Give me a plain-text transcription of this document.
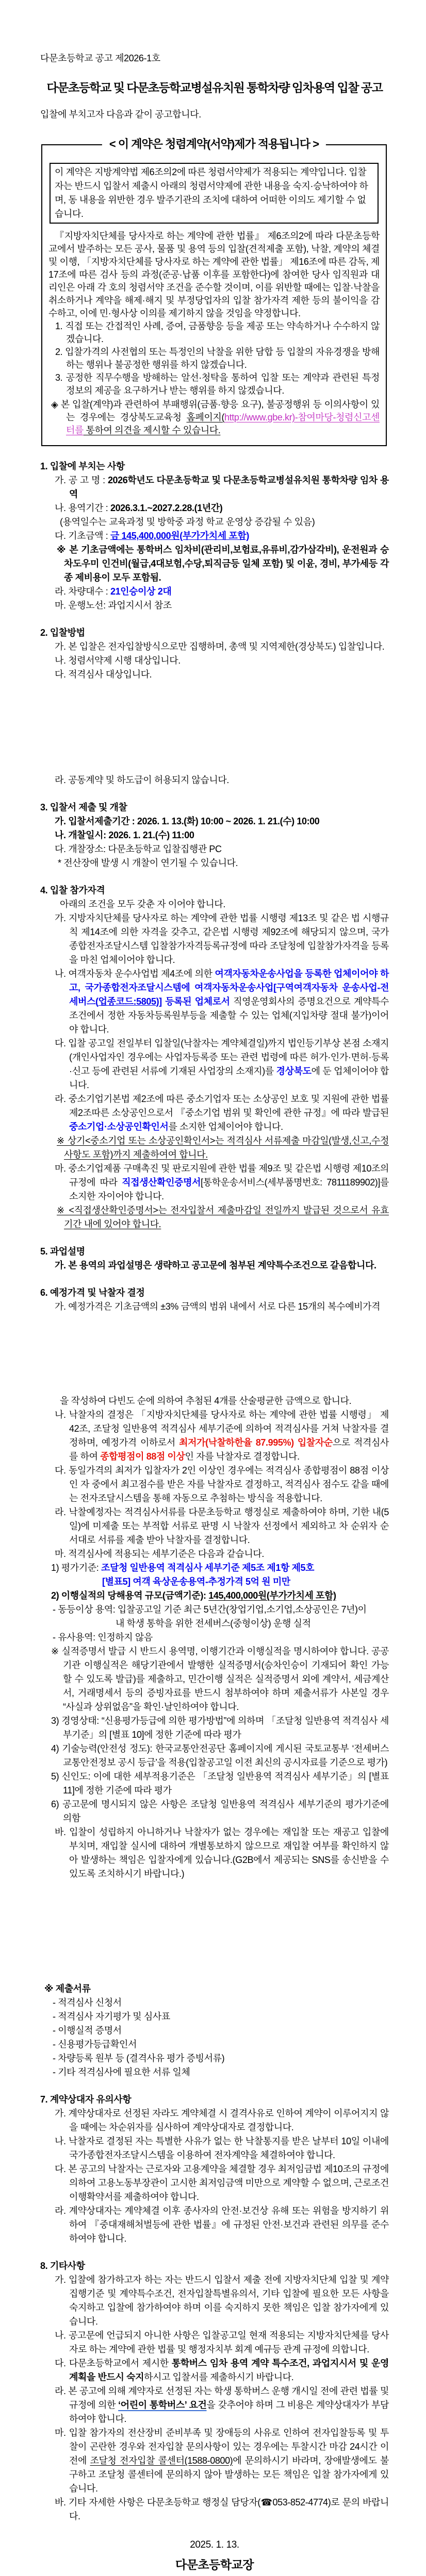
다문초등학교 공고 제2026-1호
다문초등학교 및 다문초등학교병설유치원 통학차량 임차용역 입찰 공고
입찰에 부치고자 다음과 같이 공고합니다.
< 이 계약은 청렴계약(서약)제가 적용됩니다 >
이 계약은 지방계약법 제6조의2에 따른 청렴서약제가 적용되는 계약입니다. 입찰자는 반드시 입찰서 제출시 아래의 청렴서약제에 관한 내용을 숙지·승낙하여야 하며, 동 내용을 위반한 경우 발주기관의 조치에 대하여 어떠한 이의도 제기할 수 없습니다.
『지방자치단체를 당사자로 하는 계약에 관한 법률』 제6조의2에 따라 다문초등학교에서 발주하는 모든 공사, 물품 및 용역 등의 입찰(견적제출 포함), 낙찰, 계약의 체결 및 이행, 「지방자치단체를 당사자로 하는 계약에 관한 법률」 제16조에 따른 감독, 제17조에 따른 검사 등의 과정(준공·납품 이후를 포함한다)에 참여한 당사 임직원과 대리인은 아래 각 호의 청렴서약 조건을 준수할 것이며, 이를 위반할 때에는 입찰·낙찰을 취소하거나 계약을 해제·해지 및 부정당업자의 입찰 참가자격 제한 등의 불이익을 감수하고, 이에 민·형사상 이의를 제기하지 않을 것임을 약정합니다.
1. 직접 또는 간접적인 사례, 증여, 금품향응 등을 제공 또는 약속하거나 수수하지 않겠습니다.
2. 입찰가격의 사전협의 또는 특정인의 낙찰을 위한 담합 등 입찰의 자유경쟁을 방해하는 행위나 불공정한 행위를 하지 않겠습니다.
3. 공정한 직무수행을 방해하는 알선·청탁을 통하여 입찰 또는 계약과 관련된 특정 정보의 제공을 요구하거나 받는 행위를 하지 않겠습니다.
◈ 본 입찰(계약)과 관련하여 부패행위(금품·향응 요구), 불공정행위 등 이의사항이 있는 경우에는 경상북도교육청 홈페이지(http://www.gbe.kr)-참여마당-청렴신고센터를 통하여 의견을 제시할 수 있습니다.
1. 입찰에 부치는 사항
가. 공 고 명 : 2026학년도 다문초등학교 및 다문초등학교병설유치원 통학차량 임차 용역
나. 용역기간 : 2026.3.1.~2027.2.28.(1년간)
(용역일수는 교육과정 및 방학중 과정 학교 운영상 증감될 수 있음)
다. 기초금액 : 금 145,400,000원(부가가치세 포함)
※ 본 기초금액에는 통학버스 임차비(관리비,보험료,유류비,감가삼각비), 운전원과 승차도우미 인건비(월급,4대보험,수당,퇴직금등 일체 포함) 및 이윤, 경비, 부가세등 각종 제비용이 모두 포함됨.
라. 차량대수 : 21인승이상 2대
마. 운행노선: 과업지시서 참조
2. 입찰방법
가. 본 입찰은 전자입찰방식으로만 집행하며, 총액 및 지역제한(경상북도) 입찰입니다.
나. 청렴서약제 시행 대상입니다.
다. 적격심사 대상입니다.
라. 공동계약 및 하도급이 허용되지 않습니다.
3. 입찰서 제출 및 개찰
가. 입찰서제출기간 : 2026. 1. 13.(화) 10:00 ~ 2026. 1. 21.(수) 10:00
나. 개찰일시: 2026. 1. 21.(수) 11:00
다. 개찰장소: 다문초등학교 입찰집행관 PC
* 전산장애 발생 시 개찰이 연기될 수 있습니다.
4. 입찰 참가자격
아래의 조건을 모두 갖춘 자 이어야 합니다.
가. 지방자치단체를 당사자로 하는 계약에 관한 법률 시행령 제13조 및 같은 법 시행규칙 제14조에 의한 자격을 갖추고, 같은법 시행령 제92조에 해당되지 않으며, 국가종합전자조달시스템 입찰참가자격등록규정에 따라 조달청에 입찰참가자격을 등록을 마친 업체이어야 합니다.
나. 여객자동차 운수사업법 제4조에 의한 여객자동차운송사업을 등록한 업체이어야 하고, 국가종합전자조달시스템에 여객자동차운송사업[구역여객자동차 운송사업-전세버스(업종코드:5805)] 등록된 업체로서 직영운영회사의 증명요건으로 계약특수조건에서 정한 자동차등록원부등을 제출할 수 있는 업체(지입차량 절대 불가)이어야 합니다.
다. 입찰 공고일 전일부터 입찰일(낙찰자는 계약체결일)까지 법인등기부상 본점 소재지(개인사업자인 경우에는 사업자등록증 또는 관련 법령에 따른 허가·인가·면허·등록·신고 등에 관련된 서류에 기재된 사업장의 소재지)를 경상북도에 둔 업체이어야 합니다.
라. 중소기업기본법 제2조에 따른 중소기업자 또는 소상공인 보호 및 지원에 관한 법률 제2조따른 소상공인으로서 『중소기업 범위 및 확인에 관한 규정』에 따라 발급된 중소기업·소상공인확인서를 소지한 업체이어야 합니다.
※ 상기<중소기업 또는 소상공인확인서>는 적격심사 서류제출 마감일(발생,신고,수정사항도 포함)까지 제출하여여 합니다.
마. 중소기업제품 구매촉진 및 판로지원에 관한 법률 제9조 및 같은법 시행령 제10조의 규정에 따라 직접생산확인증명서[통학운송서비스(세부품명번호: 7811189902)]를 소지한 자이어야 합니다.
※ <직접생산확인증명서>는 전자입찰서 제출마감일 전일까지 발급된 것으로서 유효기간 내에 있어야 합니다.
5. 과업설명
가. 본 용역의 과업설명은 생략하고 공고문에 첨부된 계약특수조건으로 갈음합니다.
6. 예정가격 및 낙찰자 결정
가. 예정가격은 기초금액의 ±3% 금액의 범위 내에서 서로 다른 15개의 복수예비가격
을 작성하여 다빈도 순에 의하여 추첨된 4개를 산술평균한 금액으로 합니다.
나. 낙찰자의 결정은 「지방자치단체를 당사자로 하는 계약에 관한 법률 시행령」 제42조, 조달청 일반용역 적격심사 세부기준에 의하여 적격심사를 거쳐 낙찰자를 결정하며, 예정가격 이하로서 최저가(낙찰하한율 87.995%) 입찰자순으로 적격심사를 하여 종합평점이 88점 이상인 자를 낙찰자로 결정합니다.
다. 동일가격의 최저가 입찰자가 2인 이상인 경우에는 적격심사 종합평점이 88점 이상인 자 중에서 최고점수를 받은 자를 낙찰자로 결정하고, 적격심사 점수도 같을 때에는 전자조달시스템을 통해 자동으로 추첨하는 방식을 적용합니다.
라. 낙찰예정자는 적격심사서류를 다문초등학교 행정실로 제출하여야 하며, 기한 내(5일)에 미제출 또는 부적합 서류로 판명 시 낙찰자 선정에서 제외하고 차 순위자 순서대로 서류를 제출 받아 낙찰자를 결정합니다.
마. 적격심사에 적용되는 세부기준은 다음과 같습니다.
1) 평가기준: 조달청 일반용역 적격심사 세부기준 제5조 제1항 제5호
[별표5] 여객 육상운송용역-추정가격 5억 원 미만
2) 이행실적의 당해용역 규모(금액기준): 145,400,000원(부가가치세 포함)
- 동등이상 용역: 입찰공고일 기준 최근 5년간(창업기업,소기업,소상공인은 7년)이
내 학생 통학을 위한 전세버스(중형이상) 운행 실적
- 유사용역: 인정하지 않음
※ 실적증명서 발급 시 반드시 용역명, 이행기간과 이행실적을 명시하여야 합니다. 공공기관 이행실적은 해당기관에서 발행한 실적증명서(승차인승이 기재되어 확인 가능할 수 있도록 발급)를 제출하고, 민간이행 실적은 실적증명서 외에 계약서, 세금계산서, 거래명세서 등의 증빙자료를 반드시 첨부하여야 하며 제출서류가 사본일 경우 “사실과 상위없음”을 확인·날인하여야 합니다.
3) 경영상태: “신용평가등급에 의한 평가방법”에 의하며 「조달청 일반용역 적격심사 세부기준」의 [별표 10]에 정한 기준에 따라 평가
4) 기술능력(안전성 정도): 한국교통안전공단 홈페이지에 게시된 국토교통부 ‘전세버스 교통안전정보 공시 등급’을 적용(입찰공고일 이전 최신의 공시자료를 기준으로 평가)
5) 신인도: 이에 대한 세부적용기준은 「조달청 일반용역 적격심사 세부기준」의 [별표 11]에 정한 기준에 따라 평가
6) 공고문에 명시되지 않은 사항은 조달청 일반용역 적격심사 세부기준의 평가기준에 의함
바. 입찰이 성립하지 아니하거나 낙찰자가 없는 경우에는 재입찰 또는 재공고 입찰에 부치며, 재입찰 실시에 대하여 개별통보하지 않으므로 재입찰 여부를 확인하지 않아 발생하는 책임은 입찰자에게 있습니다.(G2B에서 제공되는 SNS를 송신받을 수 있도록 조치하시기 바랍니다.)
※ 제출서류
- 적격심사 신청서
- 적격심사 자기평가 및 심사표
- 이행실적 증명서
- 신용평가등급확인서
- 차량등록 원부 등 (결격사유 평가 증빙서류)
- 기타 적격심사에 필요한 서류 일체
7. 계약상대자 유의사항
가. 계약상대자로 선정된 자라도 계약체결 시 결격사유로 인하여 계약이 이루어지지 않을 때에는 차순위자를 심사하여 계약상대자로 결정합니다.
나. 낙찰자로 결정된 자는 특별한 사유가 없는 한 낙찰통지를 받은 날부터 10일 이내에 국가종합전자조달시스템을 이용하여 전자계약을 체결하여야 합니다.
다. 본 공고의 낙찰자는 근로자와 고용계약을 체결할 경우 최저임금법 제10조의 규정에 의하여 고용노동부장관이 고시한 최저임금액 미만으로 계약할 수 없으며, 근로조건이행확약서를 제출하여야 합니다.
라. 계약상대자는 계약체결 이후 종사자의 안전·보건상 유해 또는 위험을 방지하기 위하여 『중대재해처벌등에 관한 법률』에 규정된 안전·보건과 관련된 의무를 준수하여야 합니다.
8. 기타사항
가. 입찰에 참가하고자 하는 자는 반드시 입찰서 제출 전에 지방자치단체 입찰 및 계약 집행기준 및 계약특수조건, 전자입찰특별유의서, 기타 입찰에 필요한 모든 사항을 숙지하고 입찰에 참가하여야 하며 이를 숙지하지 못한 책임은 입찰 참가자에게 있습니다.
나. 공고문에 언급되지 아니한 사항은 입찰공고일 현재 적용되는 지방자치단체를 당사자로 하는 계약에 관한 법률 및 행정자치부 회계 예규등 관계 규정에 의합니다.
다. 다문초등학교에서 제시한 통학버스 임차 용역 계약 특수조건, 과업지시서 및 운영계획을 반드시 숙지하시고 입찰서를 제출하시기 바랍니다.
라. 본 공고에 의해 계약자로 선정된 자는 학생 통학버스 운행 개시일 전에 관련 법률 및 규정에 의한 ‘어린이 통학버스’ 요건을 갖추어야 하며 그 비용은 계약상대자가 부담하여야 합니다.
마. 입찰 참가자의 전산장비 준비부족 및 장애등의 사유로 인하여 전자입찰등록 및 투찰이 곤란한 경우와 전자입찰 문의사항이 있는 경우에는 투찰시간 마감 24시간 이전에 조달청 전자입찰 콜센터(1588-0800)에 문의하시기 바라며, 장애발생에도 불구하고 조달청 콜센터에 문의하지 않아 발생하는 모든 책임은 입찰 참가자에게 있습니다.
바. 기타 자세한 사항은 다문초등학교 행정실 담당자(☎053-852-4774)로 문의 바랍니다.
2025. 1. 13.
다문초등학교장
